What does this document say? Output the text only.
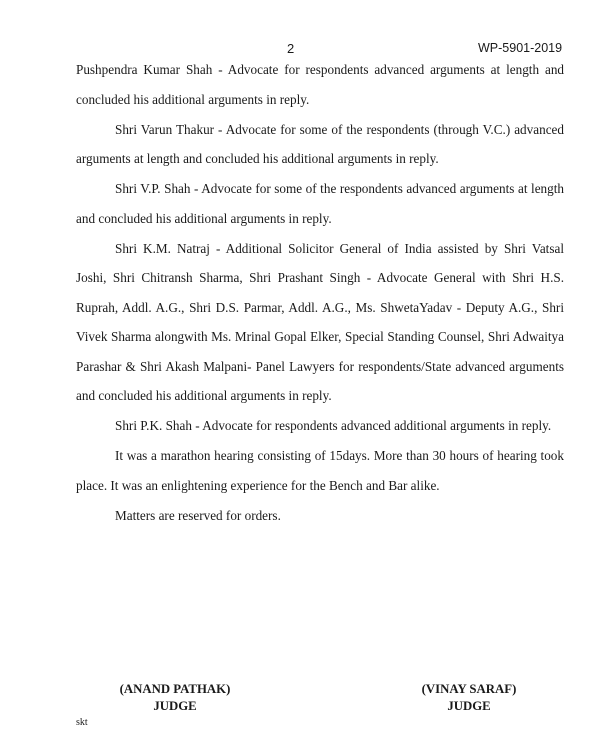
2	WP-5901-2019

Pushpendra Kumar Shah - Advocate for respondents advanced arguments at length and concluded his additional arguments in reply.

Shri Varun Thakur - Advocate for some of the respondents (through V.C.) advanced arguments at length and concluded his additional arguments in reply.

Shri V.P. Shah - Advocate for some of the respondents advanced arguments at length and concluded his additional arguments in reply.

Shri K.M. Natraj - Additional Solicitor General of India assisted by Shri Vatsal Joshi, Shri Chitransh Sharma, Shri Prashant Singh - Advocate General with Shri H.S. Ruprah, Addl. A.G., Shri D.S. Parmar, Addl. A.G., Ms. ShwetaYadav - Deputy A.G., Shri Vivek Sharma alongwith Ms. Mrinal Gopal Elker, Special Standing Counsel, Shri Adwaitya Parashar & Shri Akash Malpani- Panel Lawyers for respondents/State advanced arguments and concluded his additional arguments in reply.

Shri P.K. Shah - Advocate for respondents advanced additional arguments in reply.

It was a marathon hearing consisting of 15days. More than 30 hours of hearing took place. It was an enlightening experience for the Bench and Bar alike.

Matters are reserved for orders.

(ANAND PATHAK)
JUDGE
(VINAY SARAF)
JUDGE
skt
